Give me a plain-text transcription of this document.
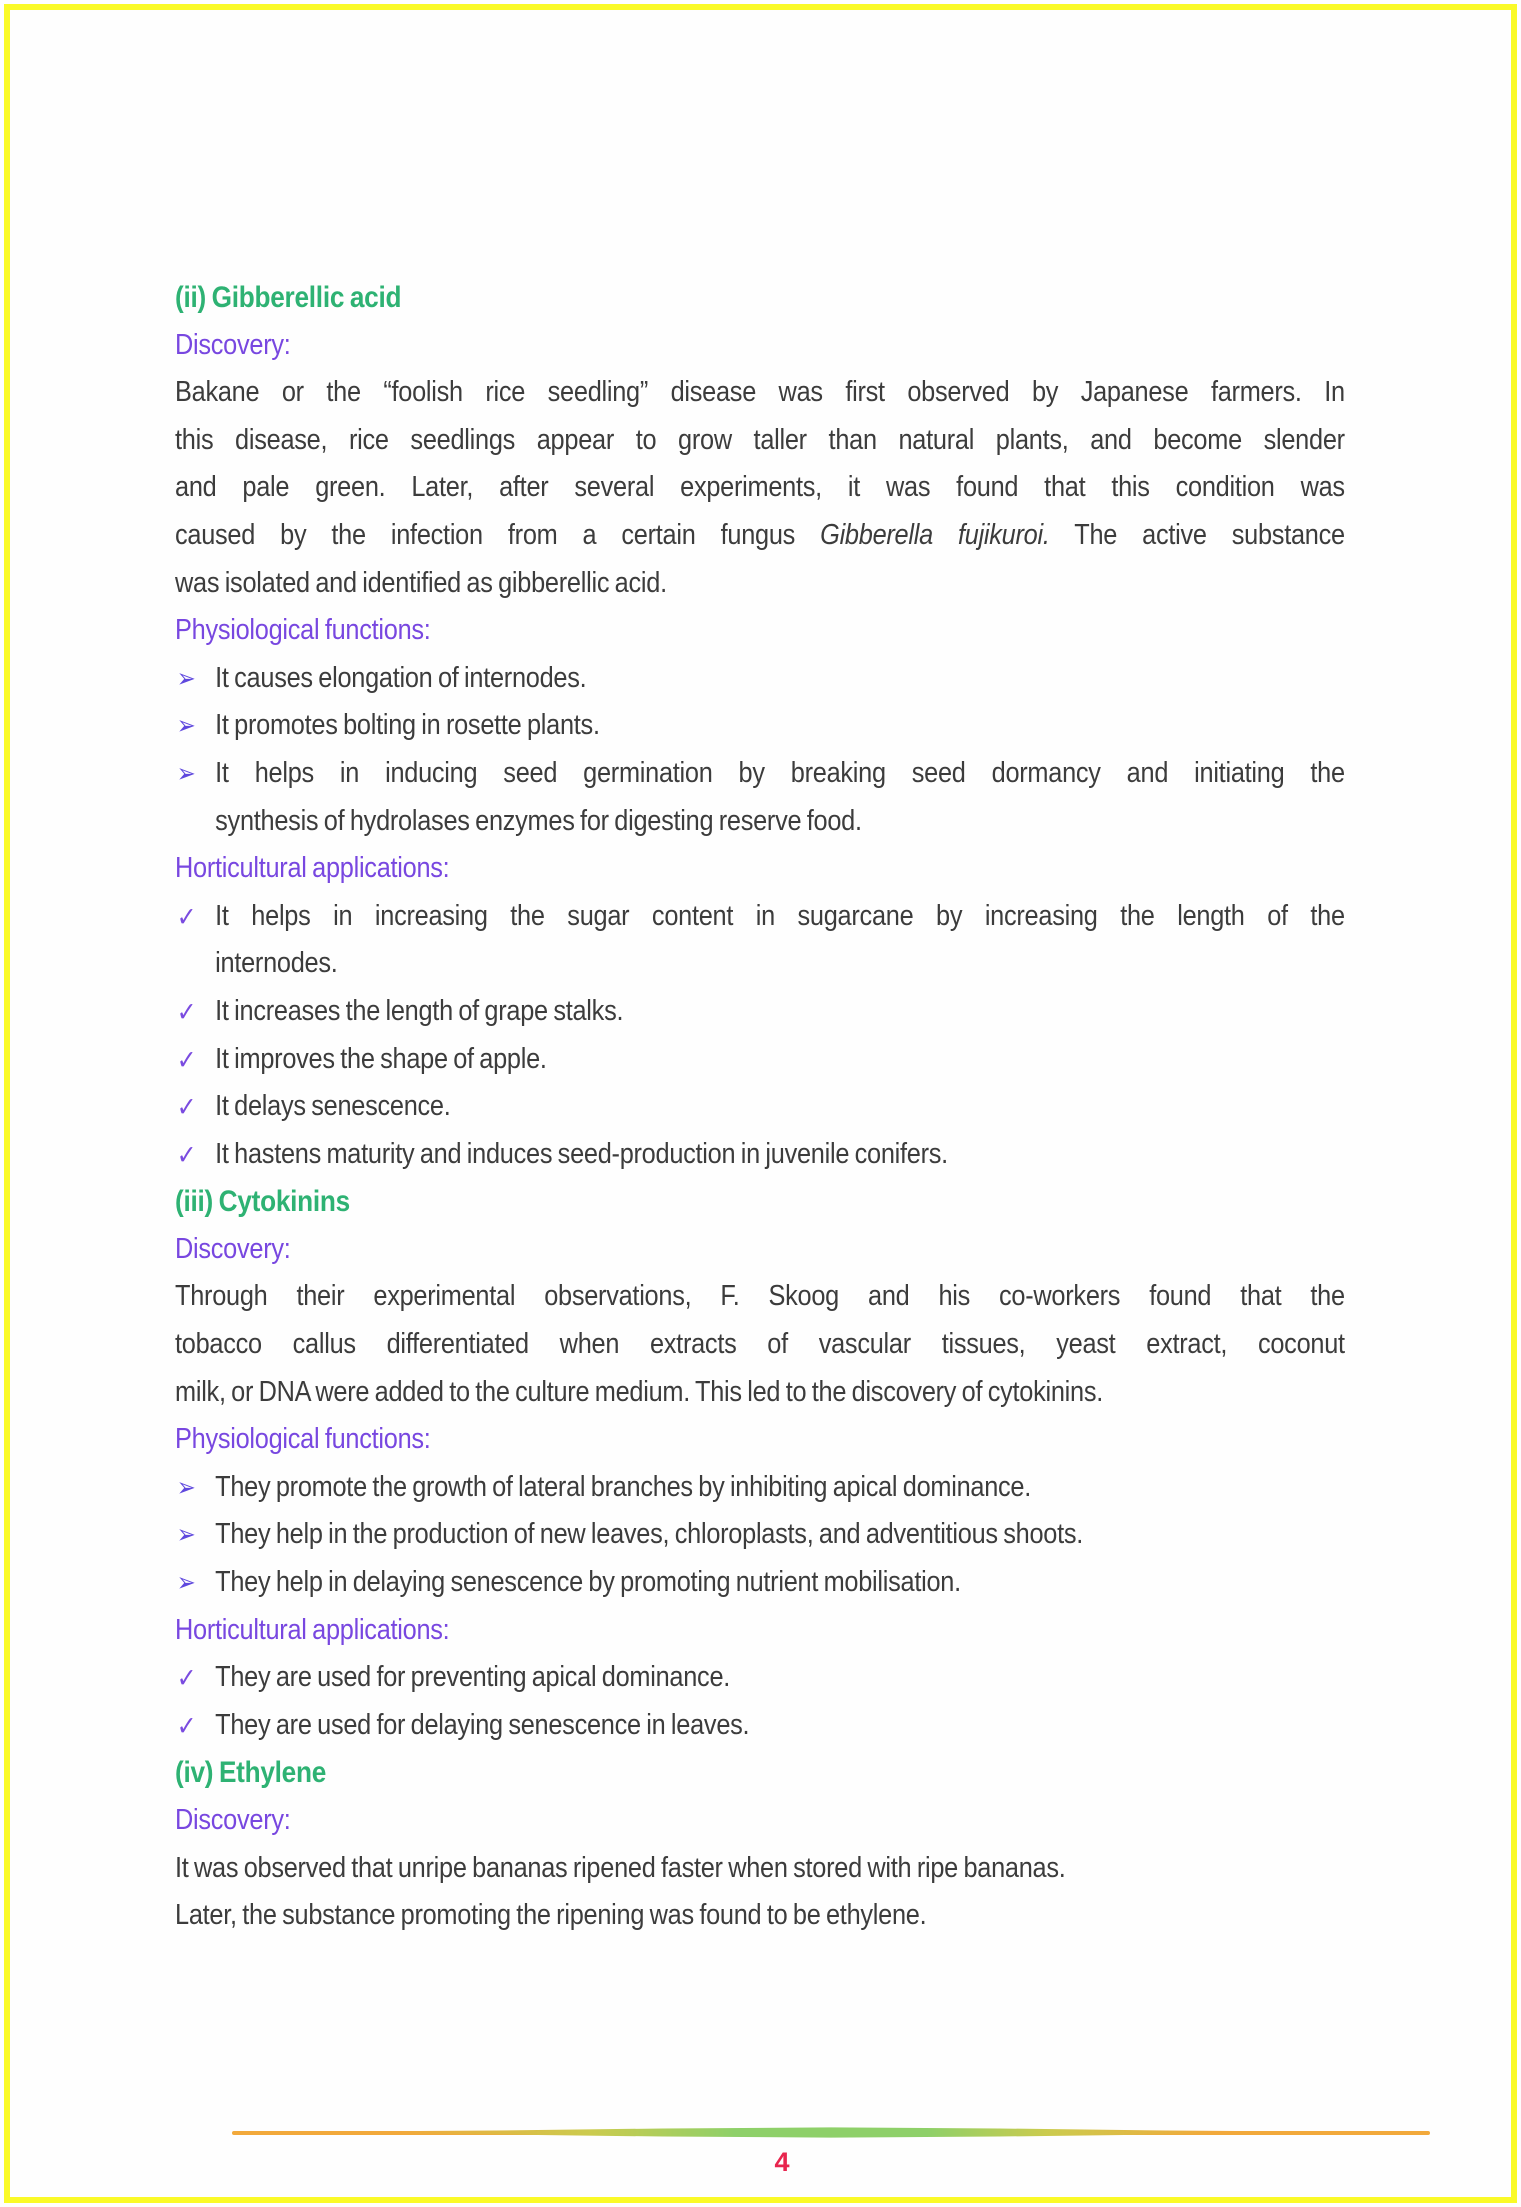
(ii) Gibberellic acid
Discovery:
Bakane or the “foolish rice seedling” disease was first observed by Japanese farmers. In
this disease, rice seedlings appear to grow taller than natural plants, and become slender
and pale green. Later, after several experiments, it was found that this condition was
caused by the infection from a certain fungus Gibberella fujikuroi. The active substance
was isolated and identified as gibberellic acid.
Physiological functions:
➢ It causes elongation of internodes.
➢ It promotes bolting in rosette plants.
➢ It helps in inducing seed germination by breaking seed dormancy and initiating the
synthesis of hydrolases enzymes for digesting reserve food.
Horticultural applications:
✓ It helps in increasing the sugar content in sugarcane by increasing the length of the
internodes.
✓ It increases the length of grape stalks.
✓ It improves the shape of apple.
✓ It delays senescence.
✓ It hastens maturity and induces seed-production in juvenile conifers.
(iii) Cytokinins
Discovery:
Through their experimental observations, F. Skoog and his co-workers found that the
tobacco callus differentiated when extracts of vascular tissues, yeast extract, coconut
milk, or DNA were added to the culture medium. This led to the discovery of cytokinins.
Physiological functions:
➢ They promote the growth of lateral branches by inhibiting apical dominance.
➢ They help in the production of new leaves, chloroplasts, and adventitious shoots.
➢ They help in delaying senescence by promoting nutrient mobilisation.
Horticultural applications:
✓ They are used for preventing apical dominance.
✓ They are used for delaying senescence in leaves.
(iv) Ethylene
Discovery:
It was observed that unripe bananas ripened faster when stored with ripe bananas.
Later, the substance promoting the ripening was found to be ethylene.
4
